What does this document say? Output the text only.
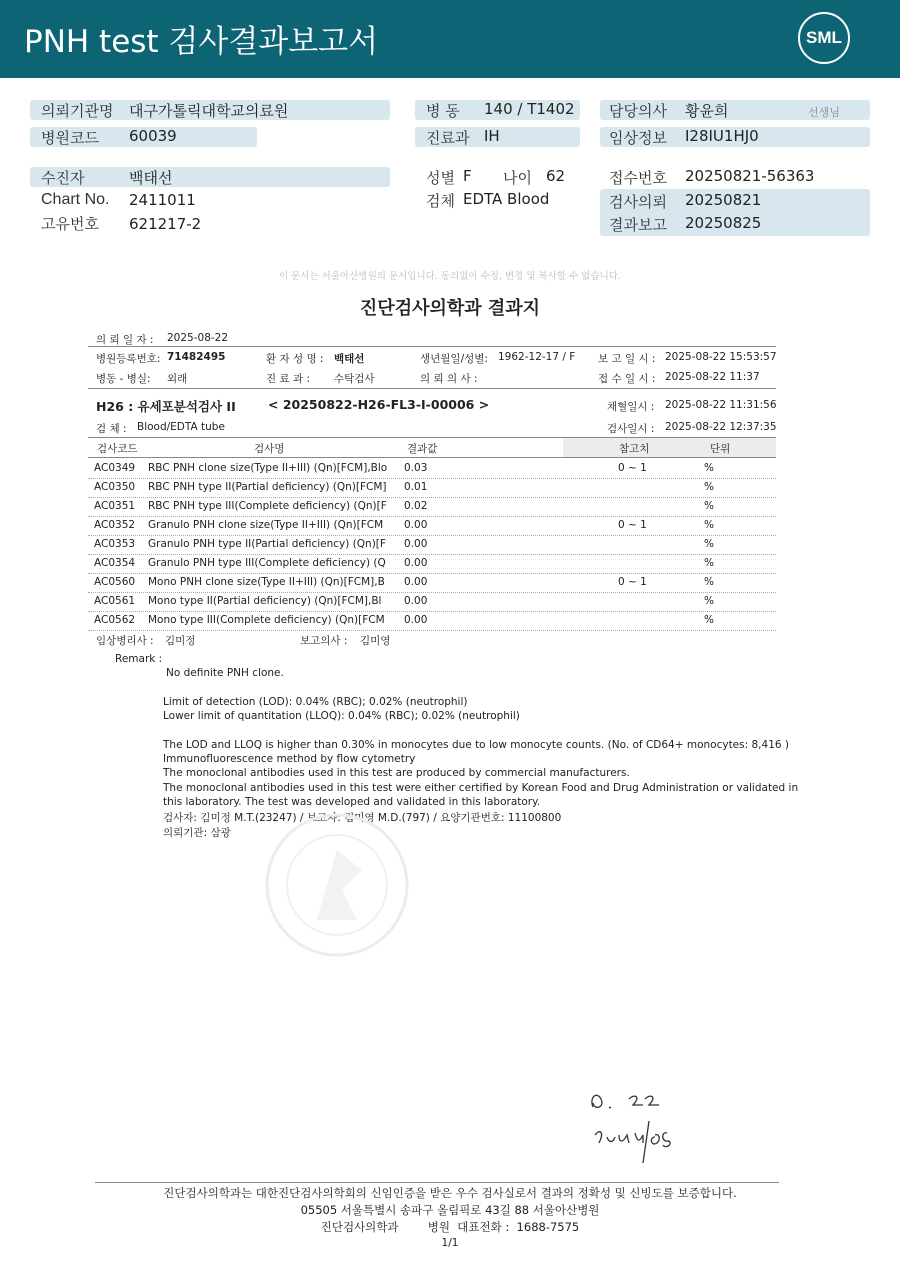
PNH test 검사결과보고서	SML
의뢰기관명 대구가톨릭대학교의료원	병 동 140 / T1402 담당의사 황윤희	선생님
병원코드 60039	진료과 IH	임상정보 I28IU1HJ0
수진자	백태선	성별 F 나이 62	접수번호 20250821-56363
Chart No. 2411011	검체 EDTA Blood	검사의뢰 20250821
고유번호 621217-2	결과보고 20250825
이 문서는 서울아산병원의 문서입니다. 동의없이 수정, 변경 및 복사할 수 없습니다.
진단검사의학과 결과지
의 뢰 일 자 : 2025-08-22
병원등록번호: 71482495	환 자 성 명 : 백태선	생년월일/성별: 1962-12-17 / F 보 고 일 시 : 2025-08-22 15:53:57
병동 - 병실: 외래	진 료 과 : 수탁검사	의 뢰 의 사 :	접 수 일 시 : 2025-08-22 11:37
H26 : 유세포분석검사 II	< 20250822-H26-FL3-I-00006 >	채혈일시 : 2025-08-22 11:31:56
검 체 : Blood/EDTA tube	검사일시 : 2025-08-22 12:37:35
검사코드	검사명	결과값	참고치	단위
AC0349 RBC PNH clone size(Type II+III) (Qn)[FCM],Blo 0.03	0 ~ 1	%
AC0350 RBC PNH type II(Partial deficiency) (Qn)[FCM] 0.01	%
AC0351 RBC PNH type III(Complete deficiency) (Qn)[F 0.02	%
AC0352 Granulo PNH clone size(Type II+III) (Qn)[FCM 0.00	0 ~ 1	%
AC0353 Granulo PNH type II(Partial deficiency) (Qn)[F 0.00	%
AC0354 Granulo PNH type III(Complete deficiency) (Q 0.00	%
AC0560 Mono PNH clone size(Type II+III) (Qn)[FCM],B 0.00	0 ~ 1	%
AC0561 Mono type II(Partial deficiency) (Qn)[FCM],Bl 0.00	%
AC0562 Mono type III(Complete deficiency) (Qn)[FCM 0.00	%
임상병리사 : 김미정	보고의사 : 김미영
Remark :
No definite PNH clone.
Limit of detection (LOD): 0.04% (RBC); 0.02% (neutrophil)
Lower limit of quantitation (LLOQ): 0.04% (RBC); 0.02% (neutrophil)
The LOD and LLOQ is higher than 0.30% in monocytes due to low monocyte counts. (No. of CD64+ monocytes: 8,416 )
Immunofluorescence method by flow cytometry
The monoclonal antibodies used in this test are produced by commercial manufacturers.
The monoclonal antibodies used in this test were either certified by Korean Food and Drug Administration or validated in
this laboratory. The test was developed and validated in this laboratory.
검사자: 김미정 M.T.(23247) / 보고자: 김미영 M.D.(797) / 요양기관번호: 11100800
의뢰기관: 삼광
진단검사의학과는 대한진단검사의학회의 신임인증을 받은 우수 검사실로서 결과의 정확성 및 신빙도를 보증합니다.
05505 서울특별시 송파구 올림픽로 43길 88 서울아산병원
진단검사의학과        병원  대표전화 :  1688-7575
1/1
